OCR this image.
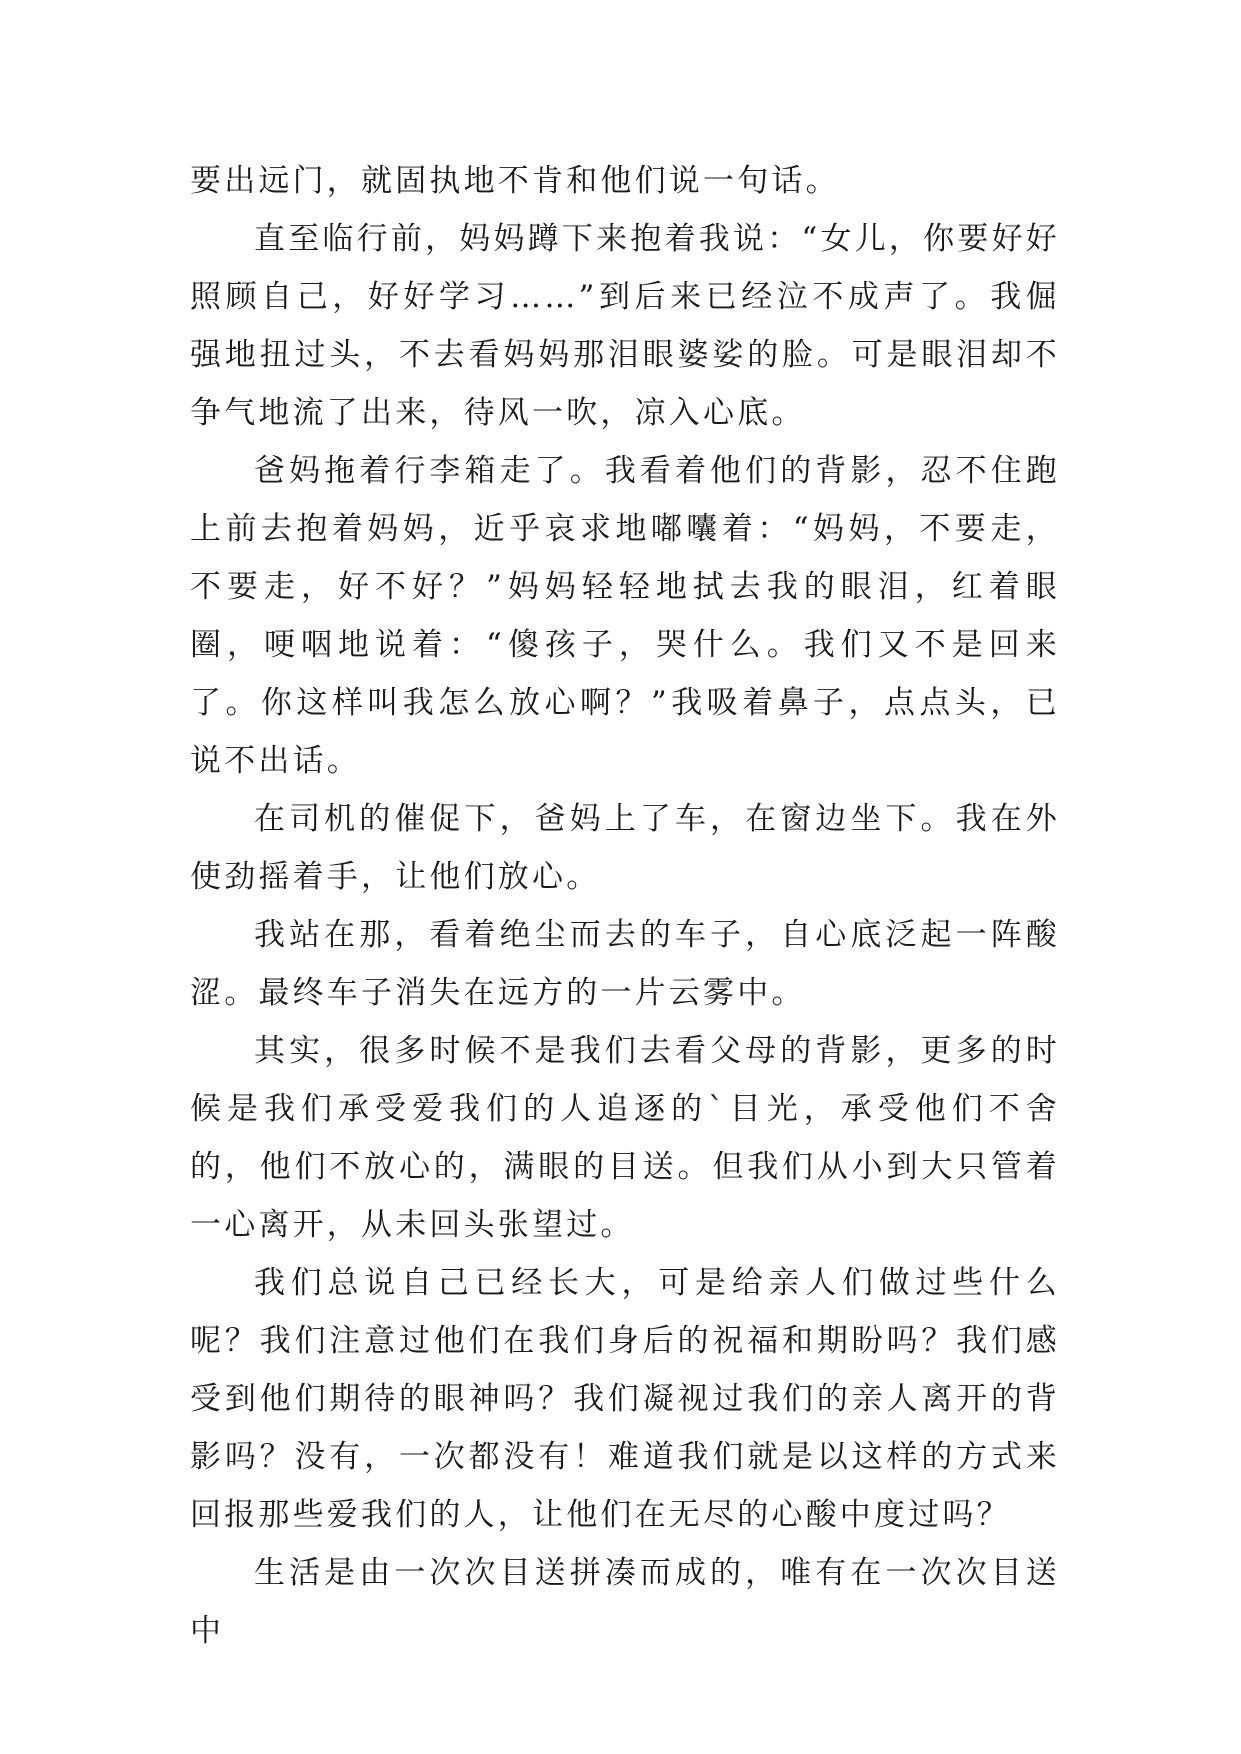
要出远门，就固执地不肯和他们说一句话。

直至临行前，妈妈蹲下来抱着我说：“女儿，你要好好照顾自己，好好学习……”到后来已经泣不成声了。我倔强地扭过头，不去看妈妈那泪眼婆娑的脸。可是眼泪却不争气地流了出来，待风一吹，凉入心底。

爸妈拖着行李箱走了。我看着他们的背影，忍不住跑上前去抱着妈妈，近乎哀求地嘟囔着：“妈妈，不要走，不要走，好不好？”妈妈轻轻地拭去我的眼泪，红着眼圈，哽咽地说着：“傻孩子，哭什么。我们又不是回来了。你这样叫我怎么放心啊？”我吸着鼻子，点点头，已说不出话。

在司机的催促下，爸妈上了车，在窗边坐下。我在外使劲摇着手，让他们放心。

我站在那，看着绝尘而去的车子，自心底泛起一阵酸涩。最终车子消失在远方的一片云雾中。

其实，很多时候不是我们去看父母的背影，更多的时候是我们承受爱我们的人追逐的`目光，承受他们不舍的，他们不放心的，满眼的目送。但我们从小到大只管着一心离开，从未回头张望过。

我们总说自己已经长大，可是给亲人们做过些什么呢？我们注意过他们在我们身后的祝福和期盼吗？我们感受到他们期待的眼神吗？我们凝视过我们的亲人离开的背影吗？没有，一次都没有！难道我们就是以这样的方式来回报那些爱我们的人，让他们在无尽的心酸中度过吗？

生活是由一次次目送拼凑而成的，唯有在一次次目送中
